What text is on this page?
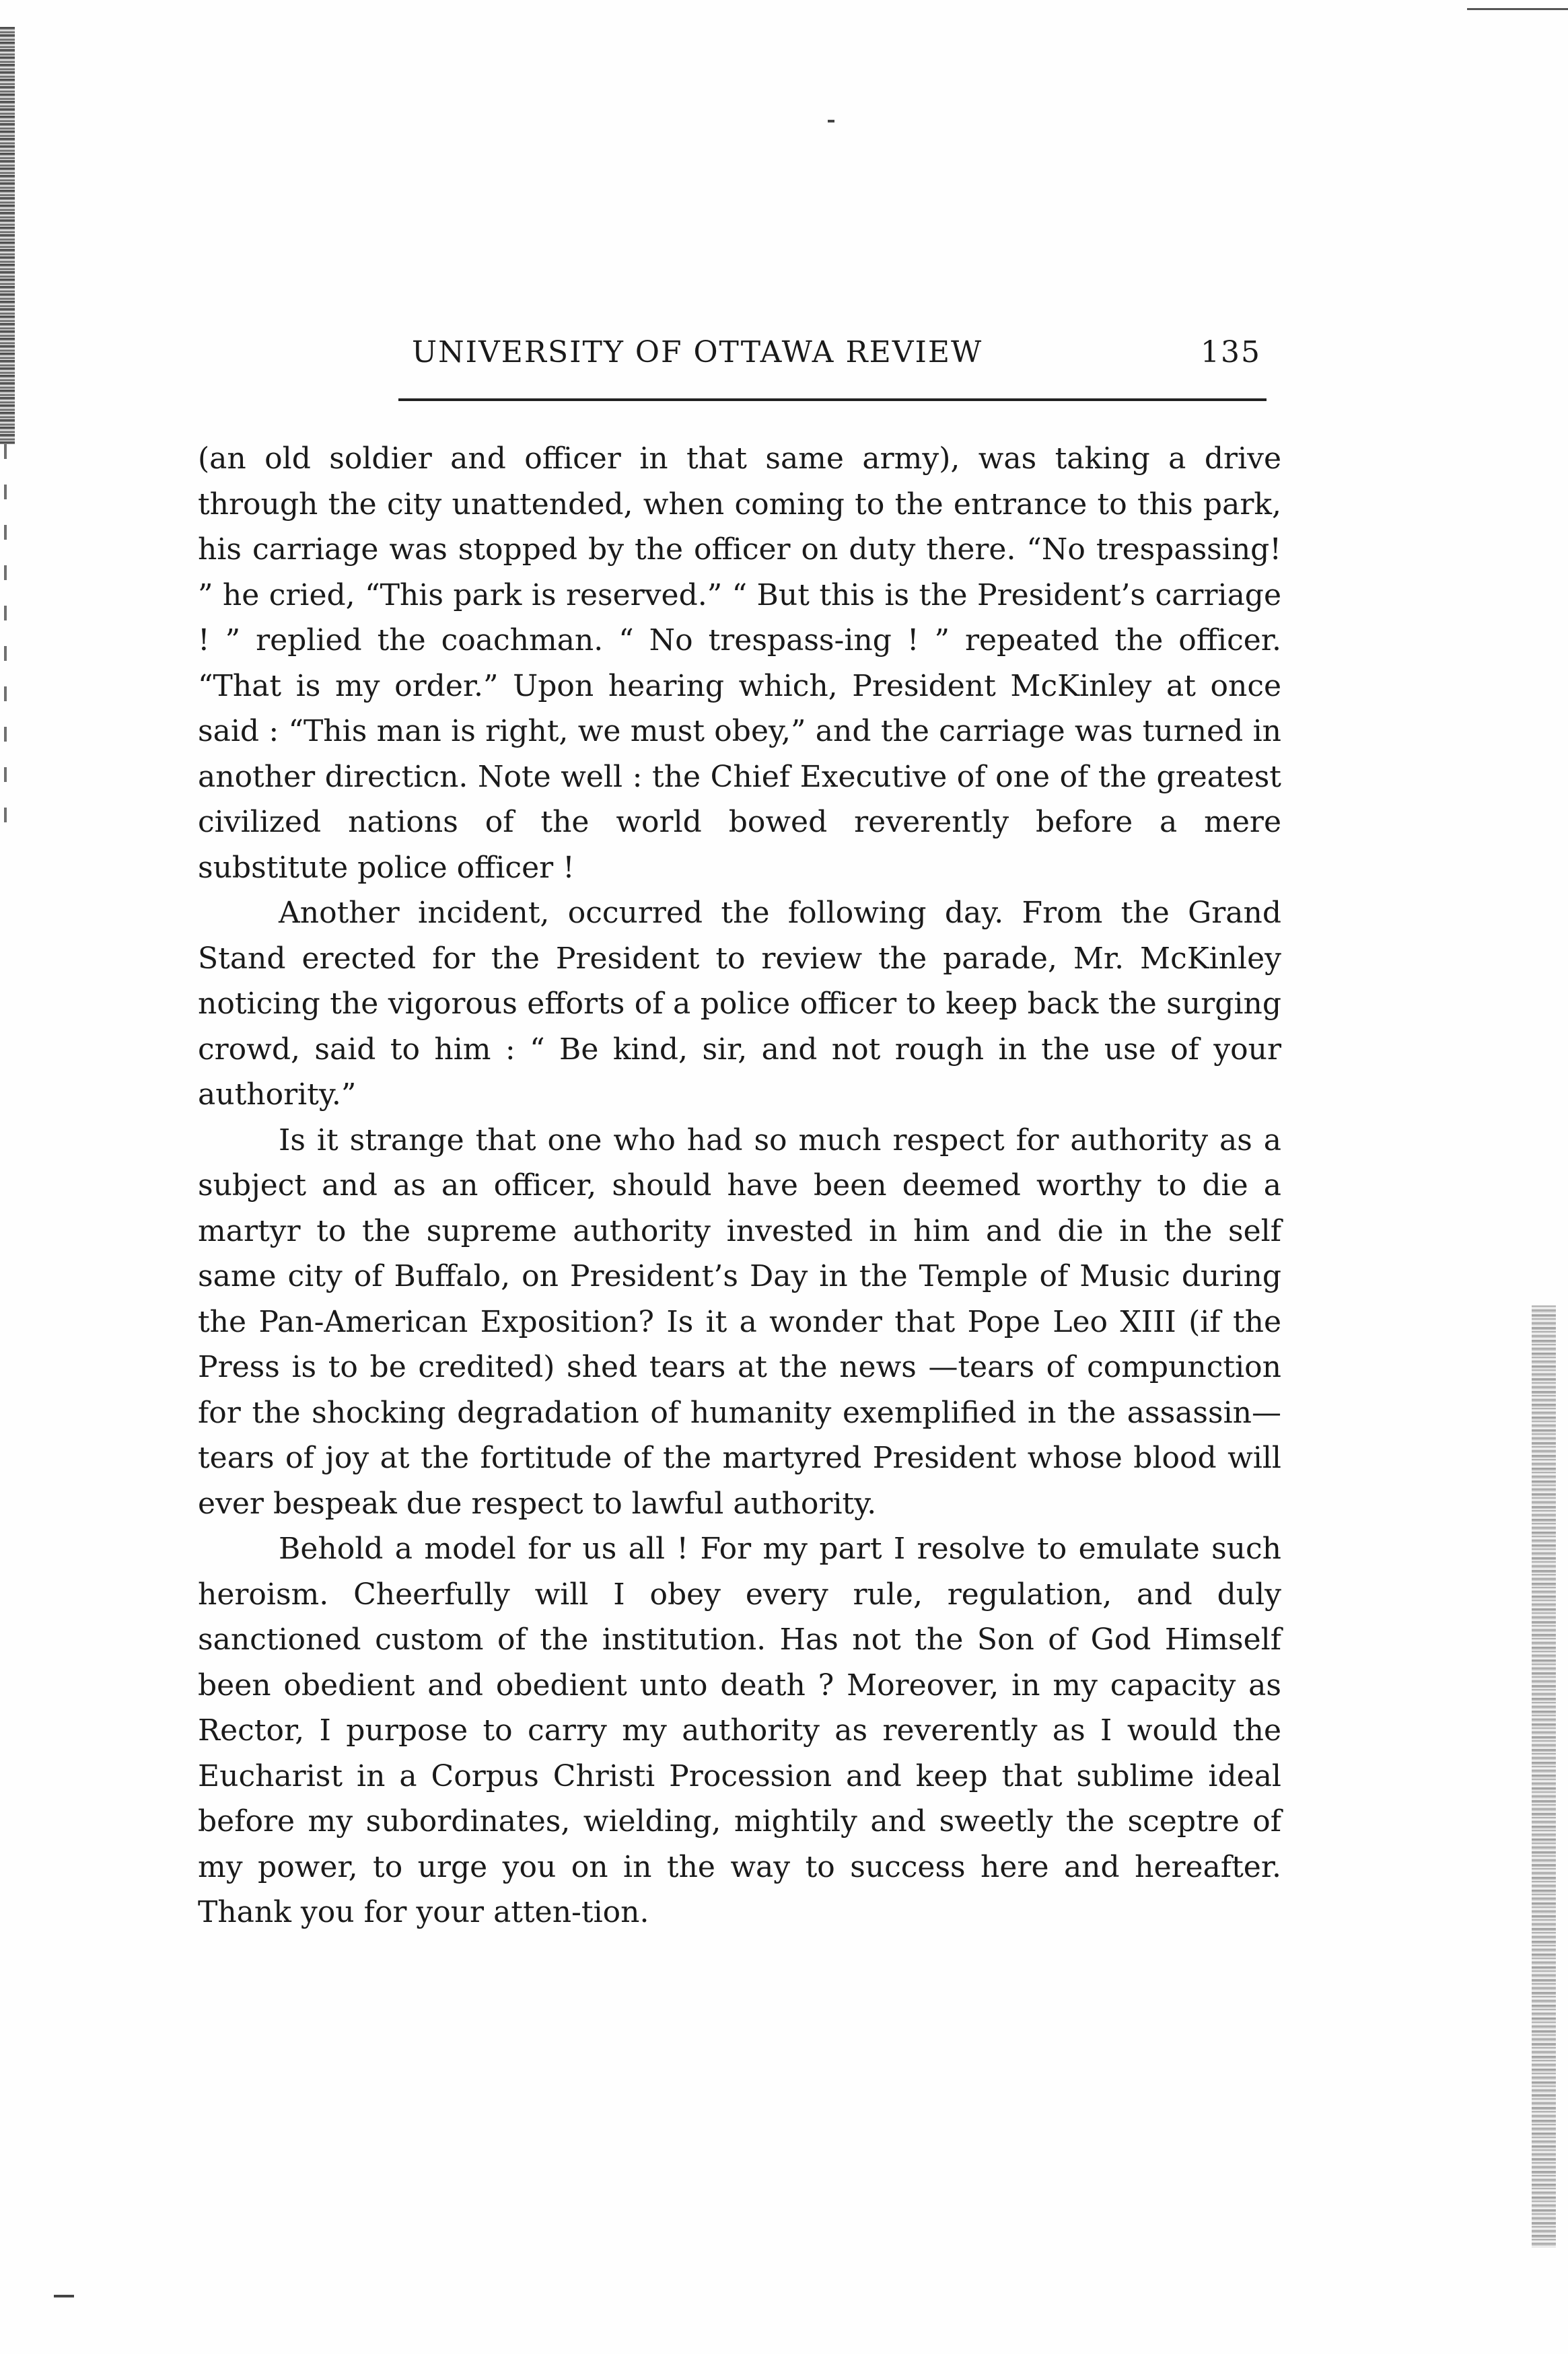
UNIVERSITY OF OTTAWA REVIEW	135

(an old soldier and officer in that same army), was taking a drive through the city unattended, when coming to the entrance to this park, his carriage was stopped by the officer on duty there. “No trespassing! ” he cried, “This park is reserved.” “ But this is the President’s carriage ! ” replied the coachman. “ No trespass-ing ! ” repeated the officer. “That is my order.” Upon hearing which, President McKinley at once said : “This man is right, we must obey,” and the carriage was turned in another directicn. Note well : the Chief Executive of one of the greatest civilized nations of the world bowed reverently before a mere substitute police officer !

Another incident, occurred the following day. From the Grand Stand erected for the President to review the parade, Mr. McKinley noticing the vigorous efforts of a police officer to keep back the surging crowd, said to him : “ Be kind, sir, and not rough in the use of your authority.”

Is it strange that one who had so much respect for authority as a subject and as an officer, should have been deemed worthy to die a martyr to the supreme authority invested in him and die in the self same city of Buffalo, on President’s Day in the Temple of Music during the Pan-American Exposition? Is it a wonder that Pope Leo XIII (if the Press is to be credited) shed tears at the news —tears of compunction for the shocking degradation of humanity exemplified in the assassin—tears of joy at the fortitude of the martyred President whose blood will ever bespeak due respect to lawful authority.

Behold a model for us all ! For my part I resolve to emulate such heroism. Cheerfully will I obey every rule, regulation, and duly sanctioned custom of the institution. Has not the Son of God Himself been obedient and obedient unto death ? Moreover, in my capacity as Rector, I purpose to carry my authority as reverently as I would the Eucharist in a Corpus Christi Procession and keep that sublime ideal before my subordinates, wielding, mightily and sweetly the sceptre of my power, to urge you on in the way to success here and hereafter. Thank you for your atten-tion.
